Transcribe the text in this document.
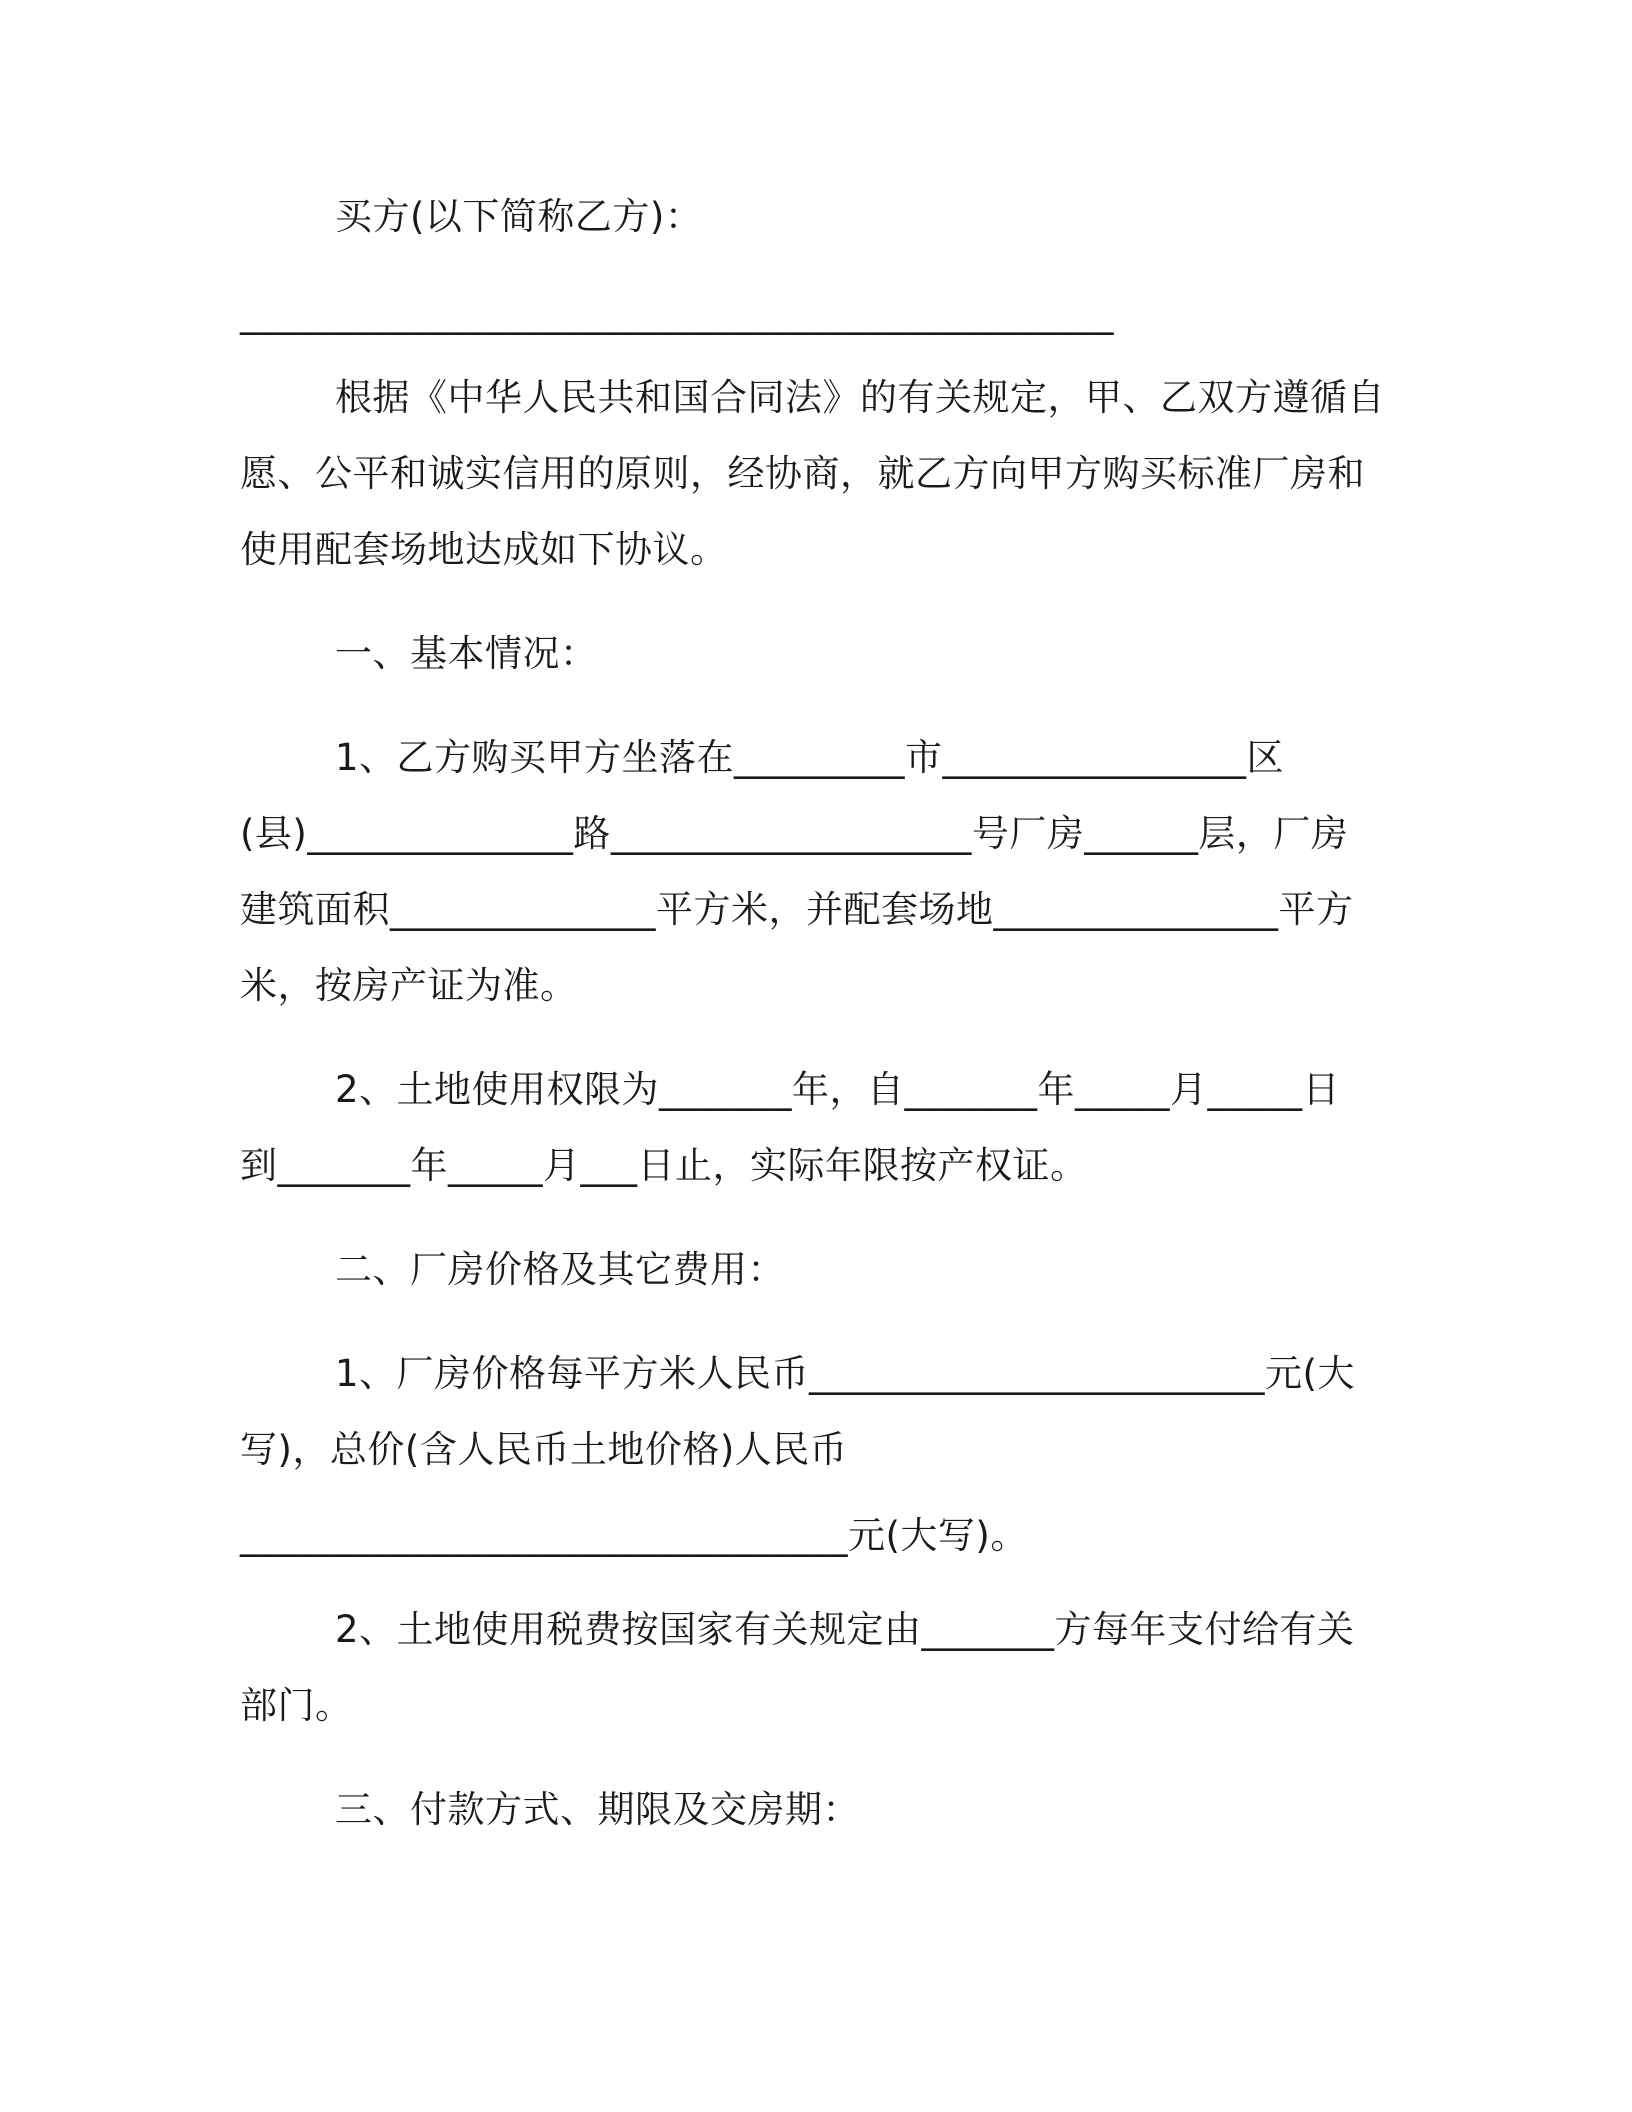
买方(以下简称乙方)：
______________________________________________
根据《中华人民共和国合同法》的有关规定，甲、乙双方遵循自
愿、公平和诚实信用的原则，经协商，就乙方向甲方购买标准厂房和
使用配套场地达成如下协议。
一、基本情况：
1、乙方购买甲方坐落在_________市________________区
(县)______________路___________________号厂房______层，厂房
建筑面积______________平方米，并配套场地_______________平方
米，按房产证为准。
2、土地使用权限为_______年，自_______年_____月_____日
到_______年_____月___日止，实际年限按产权证。
二、厂房价格及其它费用：
1、厂房价格每平方米人民币________________________元(大
写)，总价(含人民币土地价格)人民币
________________________________元(大写)。
2、土地使用税费按国家有关规定由_______方每年支付给有关
部门。
三、付款方式、期限及交房期：
